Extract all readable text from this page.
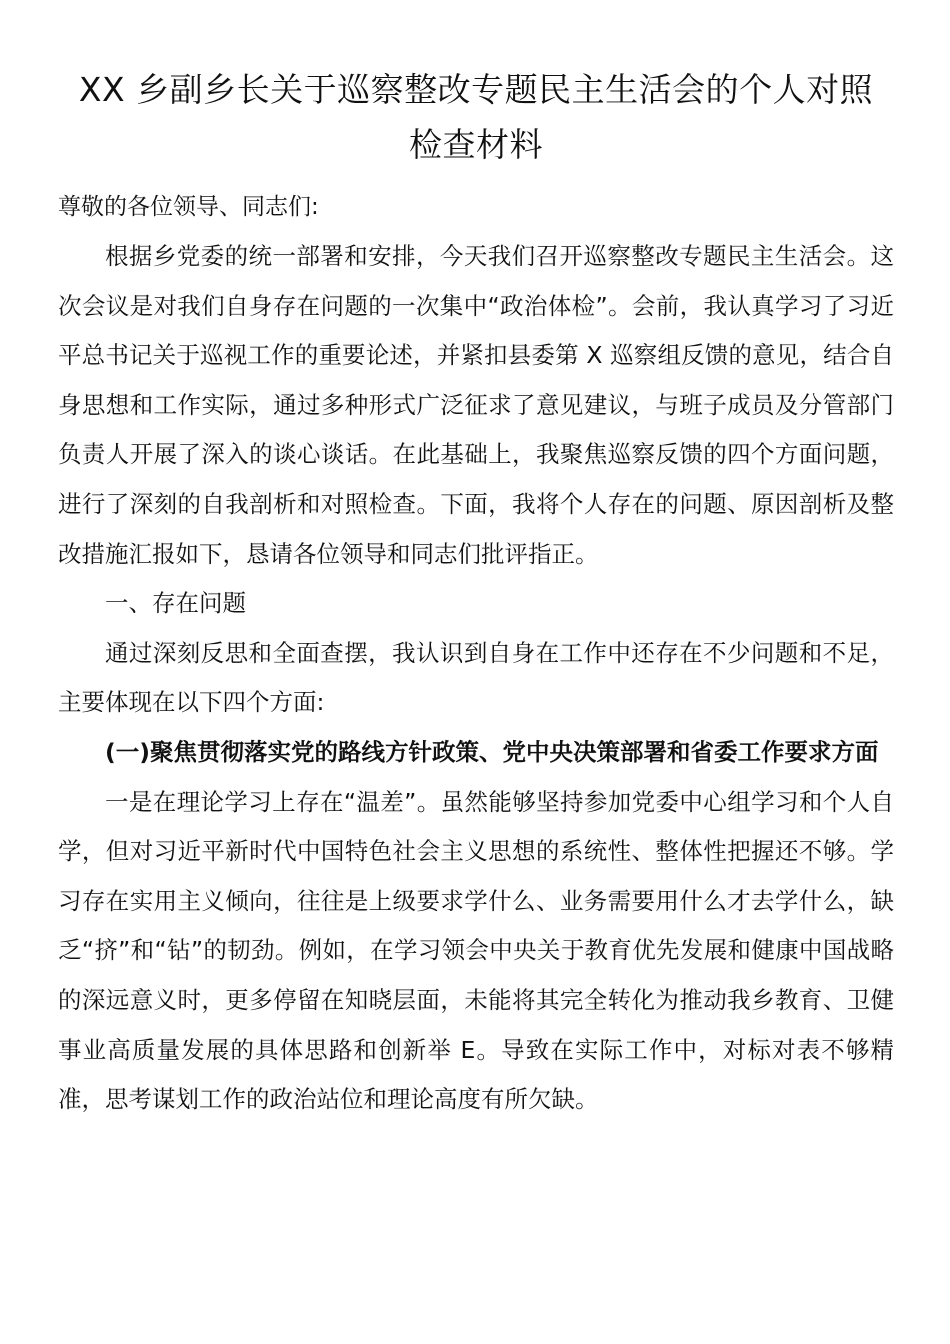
XX 乡副乡长关于巡察整改专题民主生活会的个人对照
检查材料

尊敬的各位领导、同志们:

根据乡党委的统一部署和安排，今天我们召开巡察整改专题民主生活会。这次会议是对我们自身存在问题的一次集中“政治体检”。会前，我认真学习了习近平总书记关于巡视工作的重要论述，并紧扣县委第 X 巡察组反馈的意见，结合自身思想和工作实际，通过多种形式广泛征求了意见建议，与班子成员及分管部门负责人开展了深入的谈心谈话。在此基础上，我聚焦巡察反馈的四个方面问题，进行了深刻的自我剖析和对照检查。下面，我将个人存在的问题、原因剖析及整改措施汇报如下，恳请各位领导和同志们批评指正。

一、存在问题

通过深刻反思和全面查摆，我认识到自身在工作中还存在不少问题和不足，主要体现在以下四个方面:

(一)聚焦贯彻落实党的路线方针政策、党中央决策部署和省委工作要求方面

一是在理论学习上存在“温差”。虽然能够坚持参加党委中心组学习和个人自学，但对习近平新时代中国特色社会主义思想的系统性、整体性把握还不够。学习存在实用主义倾向，往往是上级要求学什么、业务需要用什么才去学什么，缺乏“挤”和“钻”的韧劲。例如，在学习领会中央关于教育优先发展和健康中国战略的深远意义时，更多停留在知晓层面，未能将其完全转化为推动我乡教育、卫健事业高质量发展的具体思路和创新举 E。导致在实际工作中，对标对表不够精准，思考谋划工作的政治站位和理论高度有所欠缺。
